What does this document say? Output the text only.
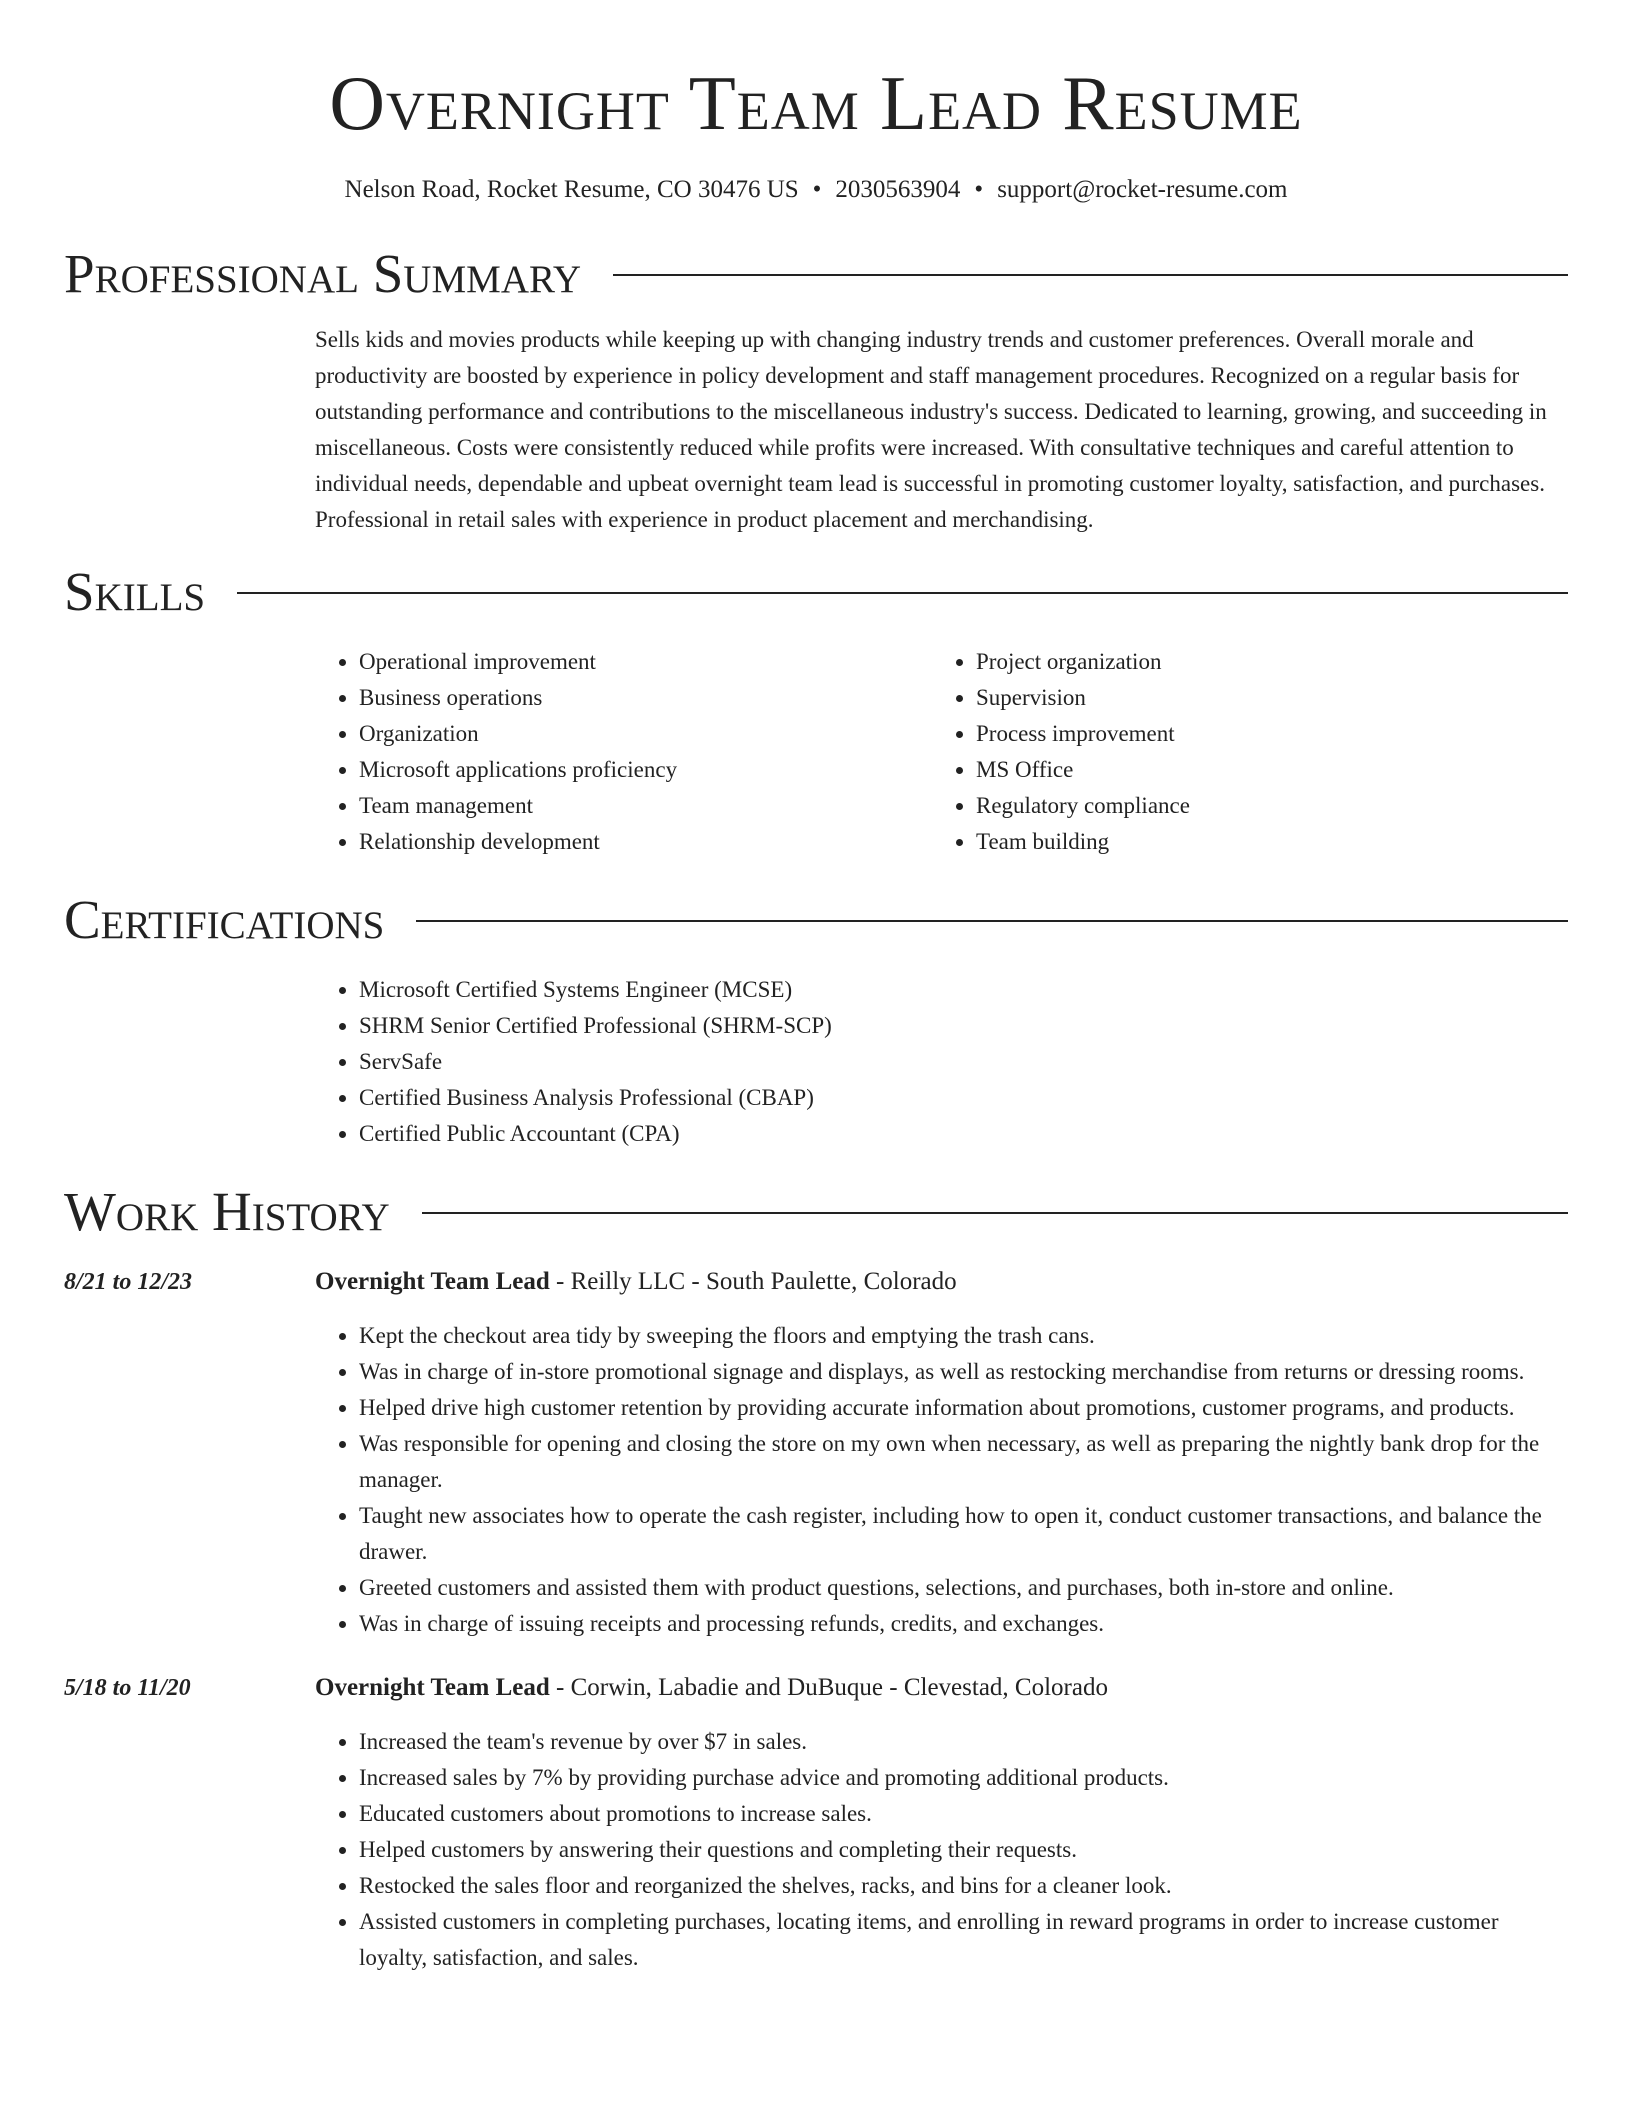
Overnight Team Lead Resume
Nelson Road, Rocket Resume, CO 30476 US • 2030563904 • support@rocket-resume.com
Professional Summary

Sells kids and movies products while keeping up with changing industry trends and customer preferences. Overall morale and productivity are boosted by experience in policy development and staff management procedures. Recognized on a regular basis for outstanding performance and contributions to the miscellaneous industry's success. Dedicated to learning, growing, and succeeding in miscellaneous. Costs were consistently reduced while profits were increased. With consultative techniques and careful attention to individual needs, dependable and upbeat overnight team lead is successful in promoting customer loyalty, satisfaction, and purchases. Professional in retail sales with experience in product placement and merchandising.

Skills
• Operational improvement
• Business operations
• Organization
• Microsoft applications proficiency
• Team management
• Relationship development
• Project organization
• Supervision
• Process improvement
• MS Office
• Regulatory compliance
• Team building
Certifications
• Microsoft Certified Systems Engineer (MCSE)
• SHRM Senior Certified Professional (SHRM-SCP)
• ServSafe
• Certified Business Analysis Professional (CBAP)
• Certified Public Accountant (CPA)
Work History
8/21 to 12/23	Overnight Team Lead - Reilly LLC - South Paulette, Colorado
• Kept the checkout area tidy by sweeping the floors and emptying the trash cans.
• Was in charge of in-store promotional signage and displays, as well as restocking merchandise from returns or dressing rooms.
• Helped drive high customer retention by providing accurate information about promotions, customer programs, and products.
• Was responsible for opening and closing the store on my own when necessary, as well as preparing the nightly bank drop for the manager.
• Taught new associates how to operate the cash register, including how to open it, conduct customer transactions, and balance the drawer.
• Greeted customers and assisted them with product questions, selections, and purchases, both in-store and online.
• Was in charge of issuing receipts and processing refunds, credits, and exchanges.
5/18 to 11/20	Overnight Team Lead - Corwin, Labadie and DuBuque - Clevestad, Colorado
• Increased the team's revenue by over $7 in sales.
• Increased sales by 7% by providing purchase advice and promoting additional products.
• Educated customers about promotions to increase sales.
• Helped customers by answering their questions and completing their requests.
• Restocked the sales floor and reorganized the shelves, racks, and bins for a cleaner look.
• Assisted customers in completing purchases, locating items, and enrolling in reward programs in order to increase customer loyalty, satisfaction, and sales.
